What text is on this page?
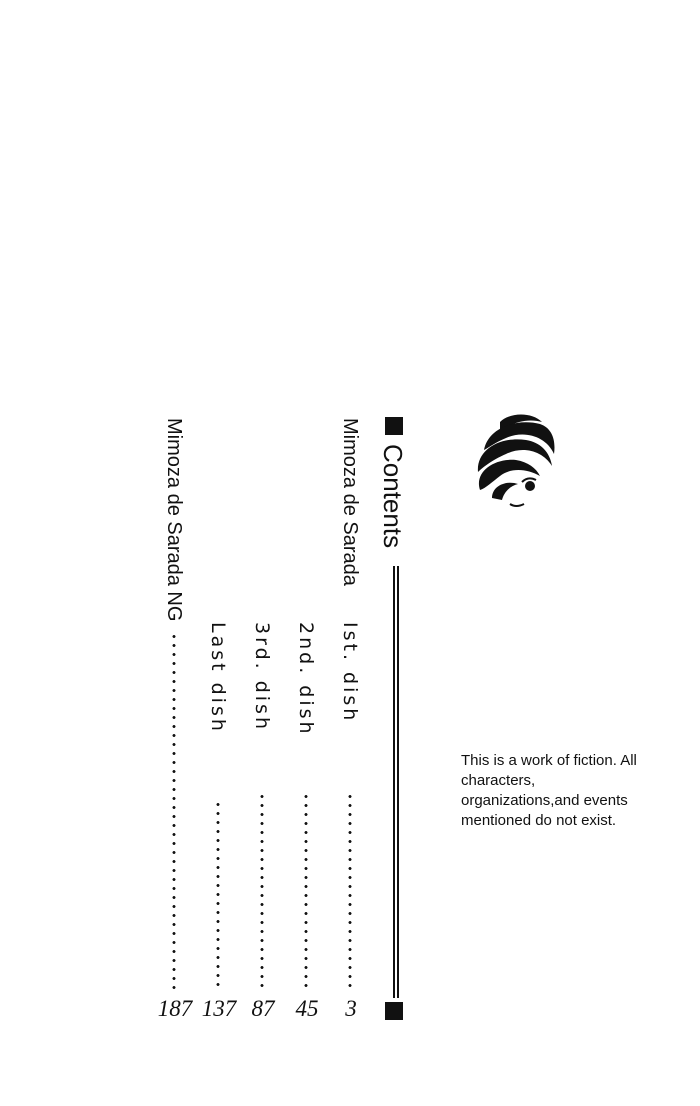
Contents
Mimoza de Sarada
Ist. dish
3
2nd. dish
45
3rd. dish
87
Last dish
137
Mimoza de Sarada NG
187
This is a work of fiction. All characters, organizations,and events mentioned do not exist.
